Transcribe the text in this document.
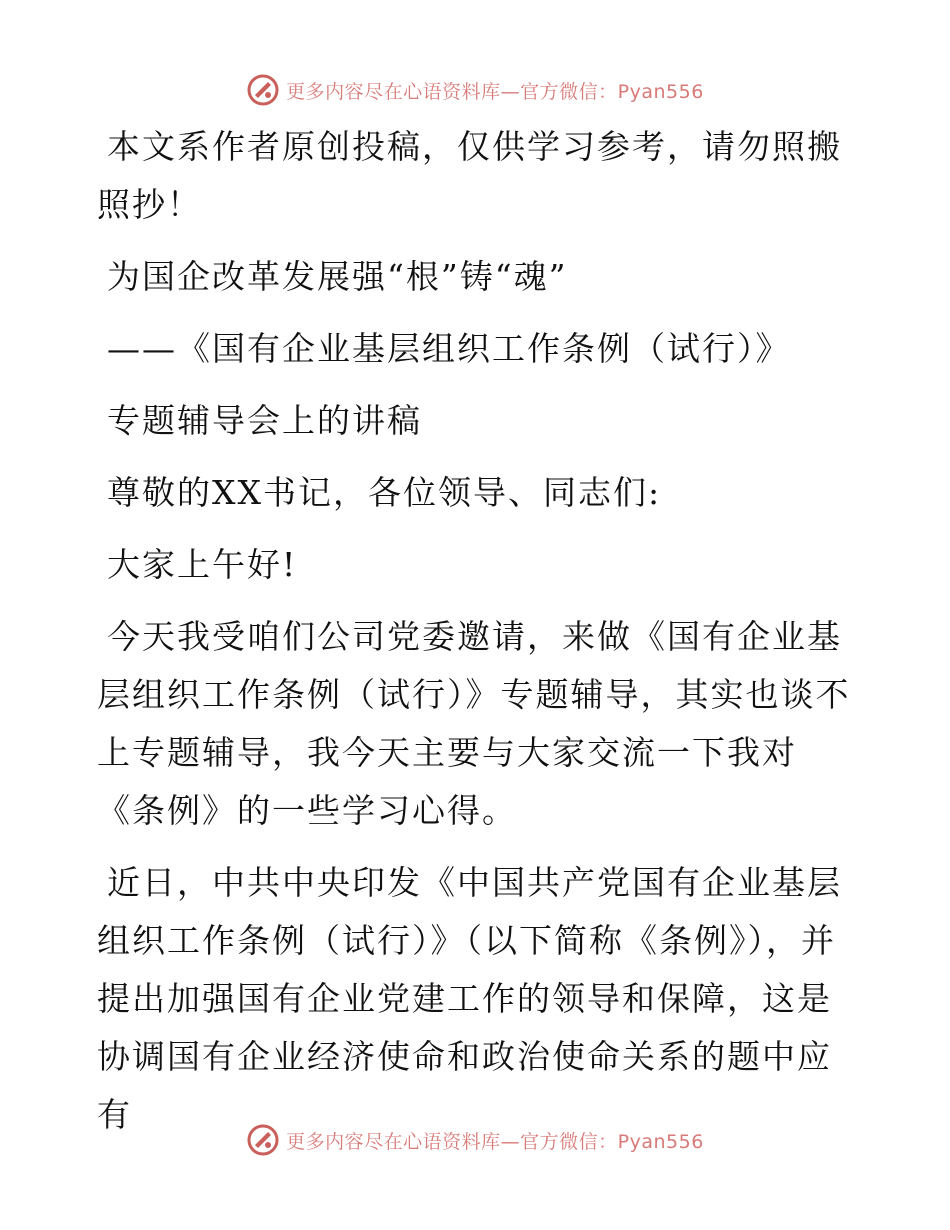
更多内容尽在心语资料库—官方微信：Pyan556

本文系作者原创投稿，仅供学习参考，请勿照搬照抄！

为国企改革发展强“根”铸“魂”

——《国有企业基层组织工作条例（试行）》

专题辅导会上的讲稿

尊敬的XX书记，各位领导、同志们:

大家上午好!

今天我受咱们公司党委邀请，来做《国有企业基层组织工作条例（试行）》专题辅导，其实也谈不上专题辅导，我今天主要与大家交流一下我对《条例》的一些学习心得。

近日，中共中央印发《中国共产党国有企业基层组织工作条例（试行）》（以下简称《条例》），并提出加强国有企业党建工作的领导和保障，这是协调国有企业经济使命和政治使命关系的题中应有

更多内容尽在心语资料库—官方微信：Pyan556
